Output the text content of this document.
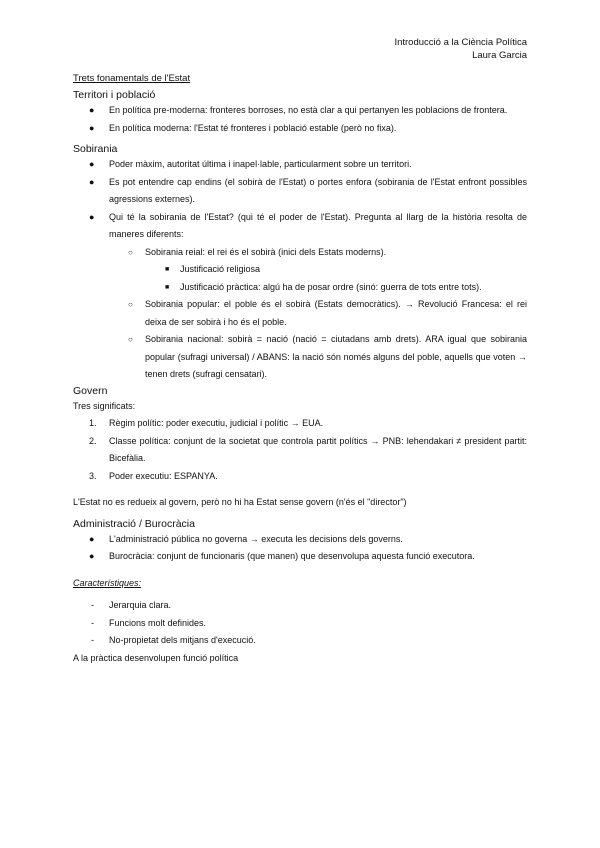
Introducció a la Ciència Política

Laura Garcia

Trets fonamentals de l'Estat

Territori i població

● En política pre-moderna: fronteres borroses, no està clar a qui pertanyen les poblacions de frontera.
● En política moderna: l'Estat té fronteres i població estable (però no fixa).

Sobirania

● Poder màxim, autoritat última i inapel·lable, particularment sobre un territori.
● Es pot entendre cap endins (el sobirà de l'Estat) o portes enfora (sobirania de l'Estat enfront possibles agressions externes).
● Qui té la sobirania de l'Estat? (qui té el poder de l'Estat). Pregunta al llarg de la història resolta de maneres diferents:
○ Sobirania reial: el rei és el sobirà (inici dels Estats moderns).
■ Justificació religiosa
■ Justificació pràctica: algú ha de posar ordre (sinó: guerra de tots entre tots).
○ Sobirania popular: el poble és el sobirà (Estats democràtics). → Revolució Francesa: el rei deixa de ser sobirà i ho és el poble.
○ Sobirania nacional: sobirà = nació (nació = ciutadans amb drets). ARA igual que sobirania popular (sufragi universal) / ABANS: la nació són només alguns del poble, aquells que voten → tenen drets (sufragi censatari).

Govern

Tres significats:

1. Règim polític: poder executiu, judicial i polític → EUA.
2. Classe política: conjunt de la societat que controla partit polítics → PNB: lehendakari ≠ president partit: Bicefàlia.
3. Poder executiu: ESPANYA.

L'Estat no es redueix al govern, però no hi ha Estat sense govern (n'és el "director")

Administració / Burocràcia

● L'administració pública no governa → executa les decisions dels governs.
● Burocràcia: conjunt de funcionaris (que manen) que desenvolupa aquesta funció executora.

Característiques:

- Jerarquia clara.
- Funcions molt definides.
- No-propietat dels mitjans d'execució.

A la pràctica desenvolupen funció política
